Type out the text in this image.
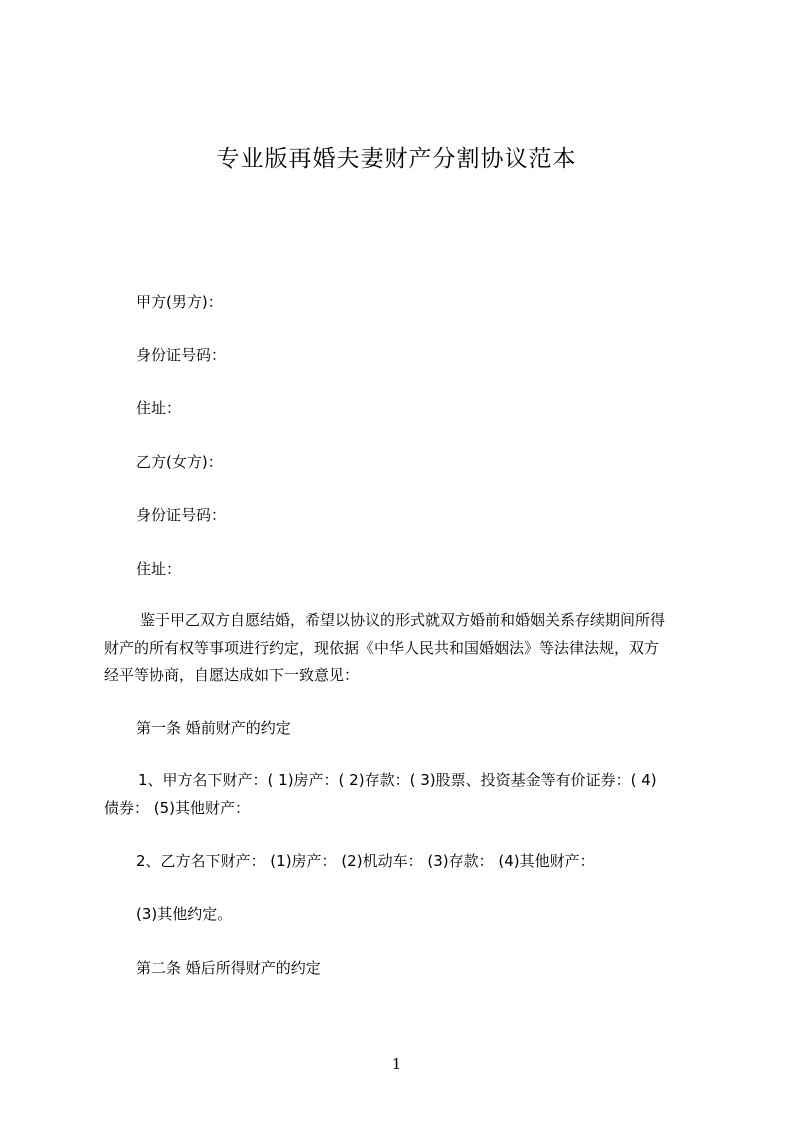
专业版再婚夫妻财产分割协议范本
甲方(男方)：
身份证号码：
住址：
乙方(女方)：
身份证号码：
住址：
鉴于甲乙双方自愿结婚，希望以协议的形式就双方婚前和婚姻关系存续期间所得
财产的所有权等事项进行约定，现依据《中华人民共和国婚姻法》等法律法规，双方
经平等协商，自愿达成如下一致意见：
第一条 婚前财产的约定
1、甲方名下财产：( 1)房产：( 2)存款：( 3)股票、投资基金等有价证券：( 4)
债券： (5)其他财产：
2、乙方名下财产： (1)房产： (2)机动车： (3)存款： (4)其他财产：
(3)其他约定。
第二条 婚后所得财产的约定
1
